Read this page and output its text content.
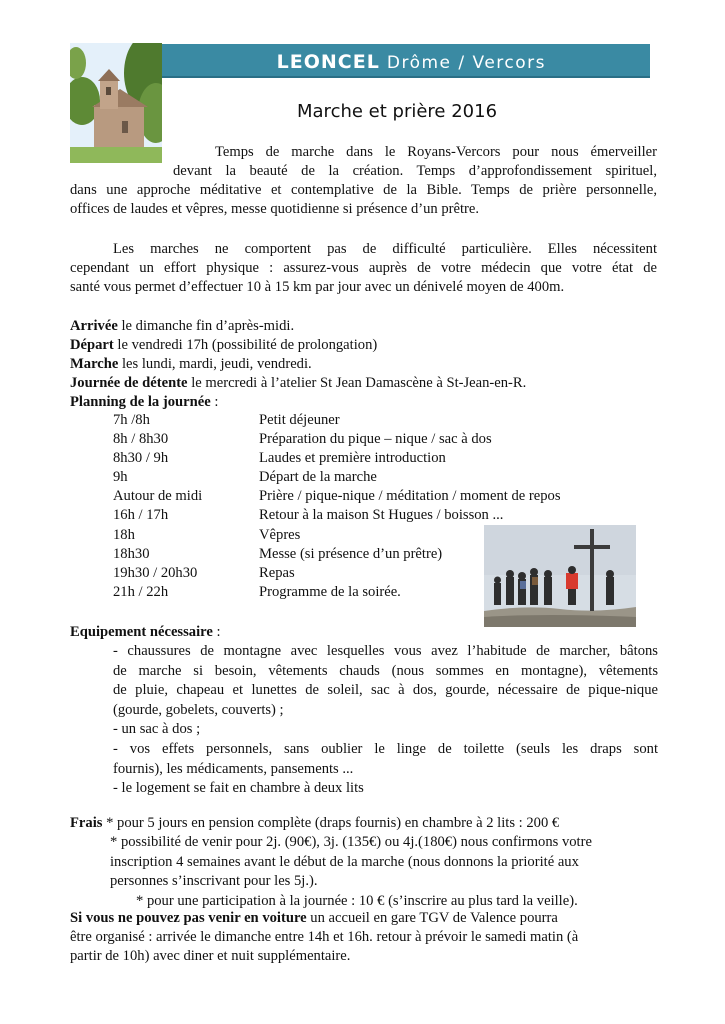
LEONCEL Drôme / Vercors
Marche et prière 2016
Temps de marche dans le Royans-Vercors pour nous émerveiller
devant la beauté de la création. Temps d’approfondissement spirituel,
dans une approche méditative et contemplative de la Bible. Temps de prière personnelle,
offices de laudes et vêpres, messe quotidienne si présence d’un prêtre.
Les marches ne comportent pas de difficulté particulière. Elles nécessitent
cependant un effort physique : assurez-vous auprès de votre médecin que votre état de
santé vous permet d’effectuer 10 à 15 km par jour avec un dénivelé moyen de 400m.
Arrivée le dimanche fin d’après-midi.
Départ le vendredi 17h (possibilité de prolongation)
Marche les lundi, mardi, jeudi, vendredi.
Journée de détente le mercredi à l’atelier St Jean Damascène à St-Jean-en-R.
Planning de la journée :
7h /8h	Petit déjeuner
8h / 8h30	Préparation du pique – nique / sac à dos
8h30 / 9h	Laudes et première introduction
9h	Départ de la marche
Autour de midi	Prière / pique-nique / méditation / moment de repos
16h / 17h	Retour à la maison St Hugues / boisson ...
18h	Vêpres
18h30	Messe (si présence d’un prêtre)
19h30 / 20h30	Repas
21h / 22h	Programme de la soirée.
Equipement nécessaire :
- chaussures de montagne avec lesquelles vous avez l’habitude de marcher, bâtons
de marche si besoin, vêtements chauds (nous sommes en montagne), vêtements
de pluie, chapeau et lunettes de soleil, sac à dos, gourde, nécessaire de pique-nique
(gourde, gobelets, couverts) ;
- un sac à dos ;
- vos effets personnels, sans oublier le linge de toilette (seuls les draps sont
fournis), les médicaments, pansements ...
- le logement se fait en chambre à deux lits
Frais * pour 5 jours en pension complète (draps fournis) en chambre à 2 lits : 200 €
* possibilité de venir pour 2j. (90€), 3j. (135€) ou 4j.(180€) nous confirmons votre
inscription 4 semaines avant le début de la marche (nous donnons la priorité aux
personnes s’inscrivant pour les 5j.).
* pour une participation à la journée : 10 € (s’inscrire au plus tard la veille).
Si vous ne pouvez pas venir en voiture un accueil en gare TGV de Valence pourra
être organisé : arrivée le dimanche entre 14h et 16h. retour à prévoir le samedi matin (à
partir de 10h) avec diner et nuit supplémentaire.
